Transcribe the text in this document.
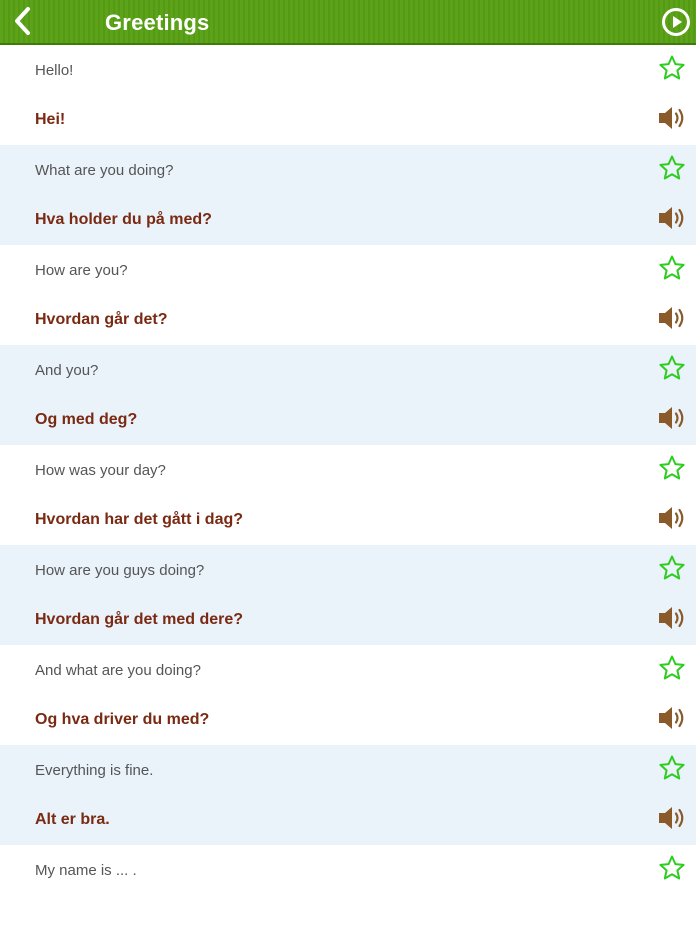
Greetings
Hello!
Hei!
What are you doing?
Hva holder du på med?
How are you?
Hvordan går det?
And you?
Og med deg?
How was your day?
Hvordan har det gått i dag?
How are you guys doing?
Hvordan går det med dere?
And what are you doing?
Og hva driver du med?
Everything is fine.
Alt er bra.
My name is ... .
